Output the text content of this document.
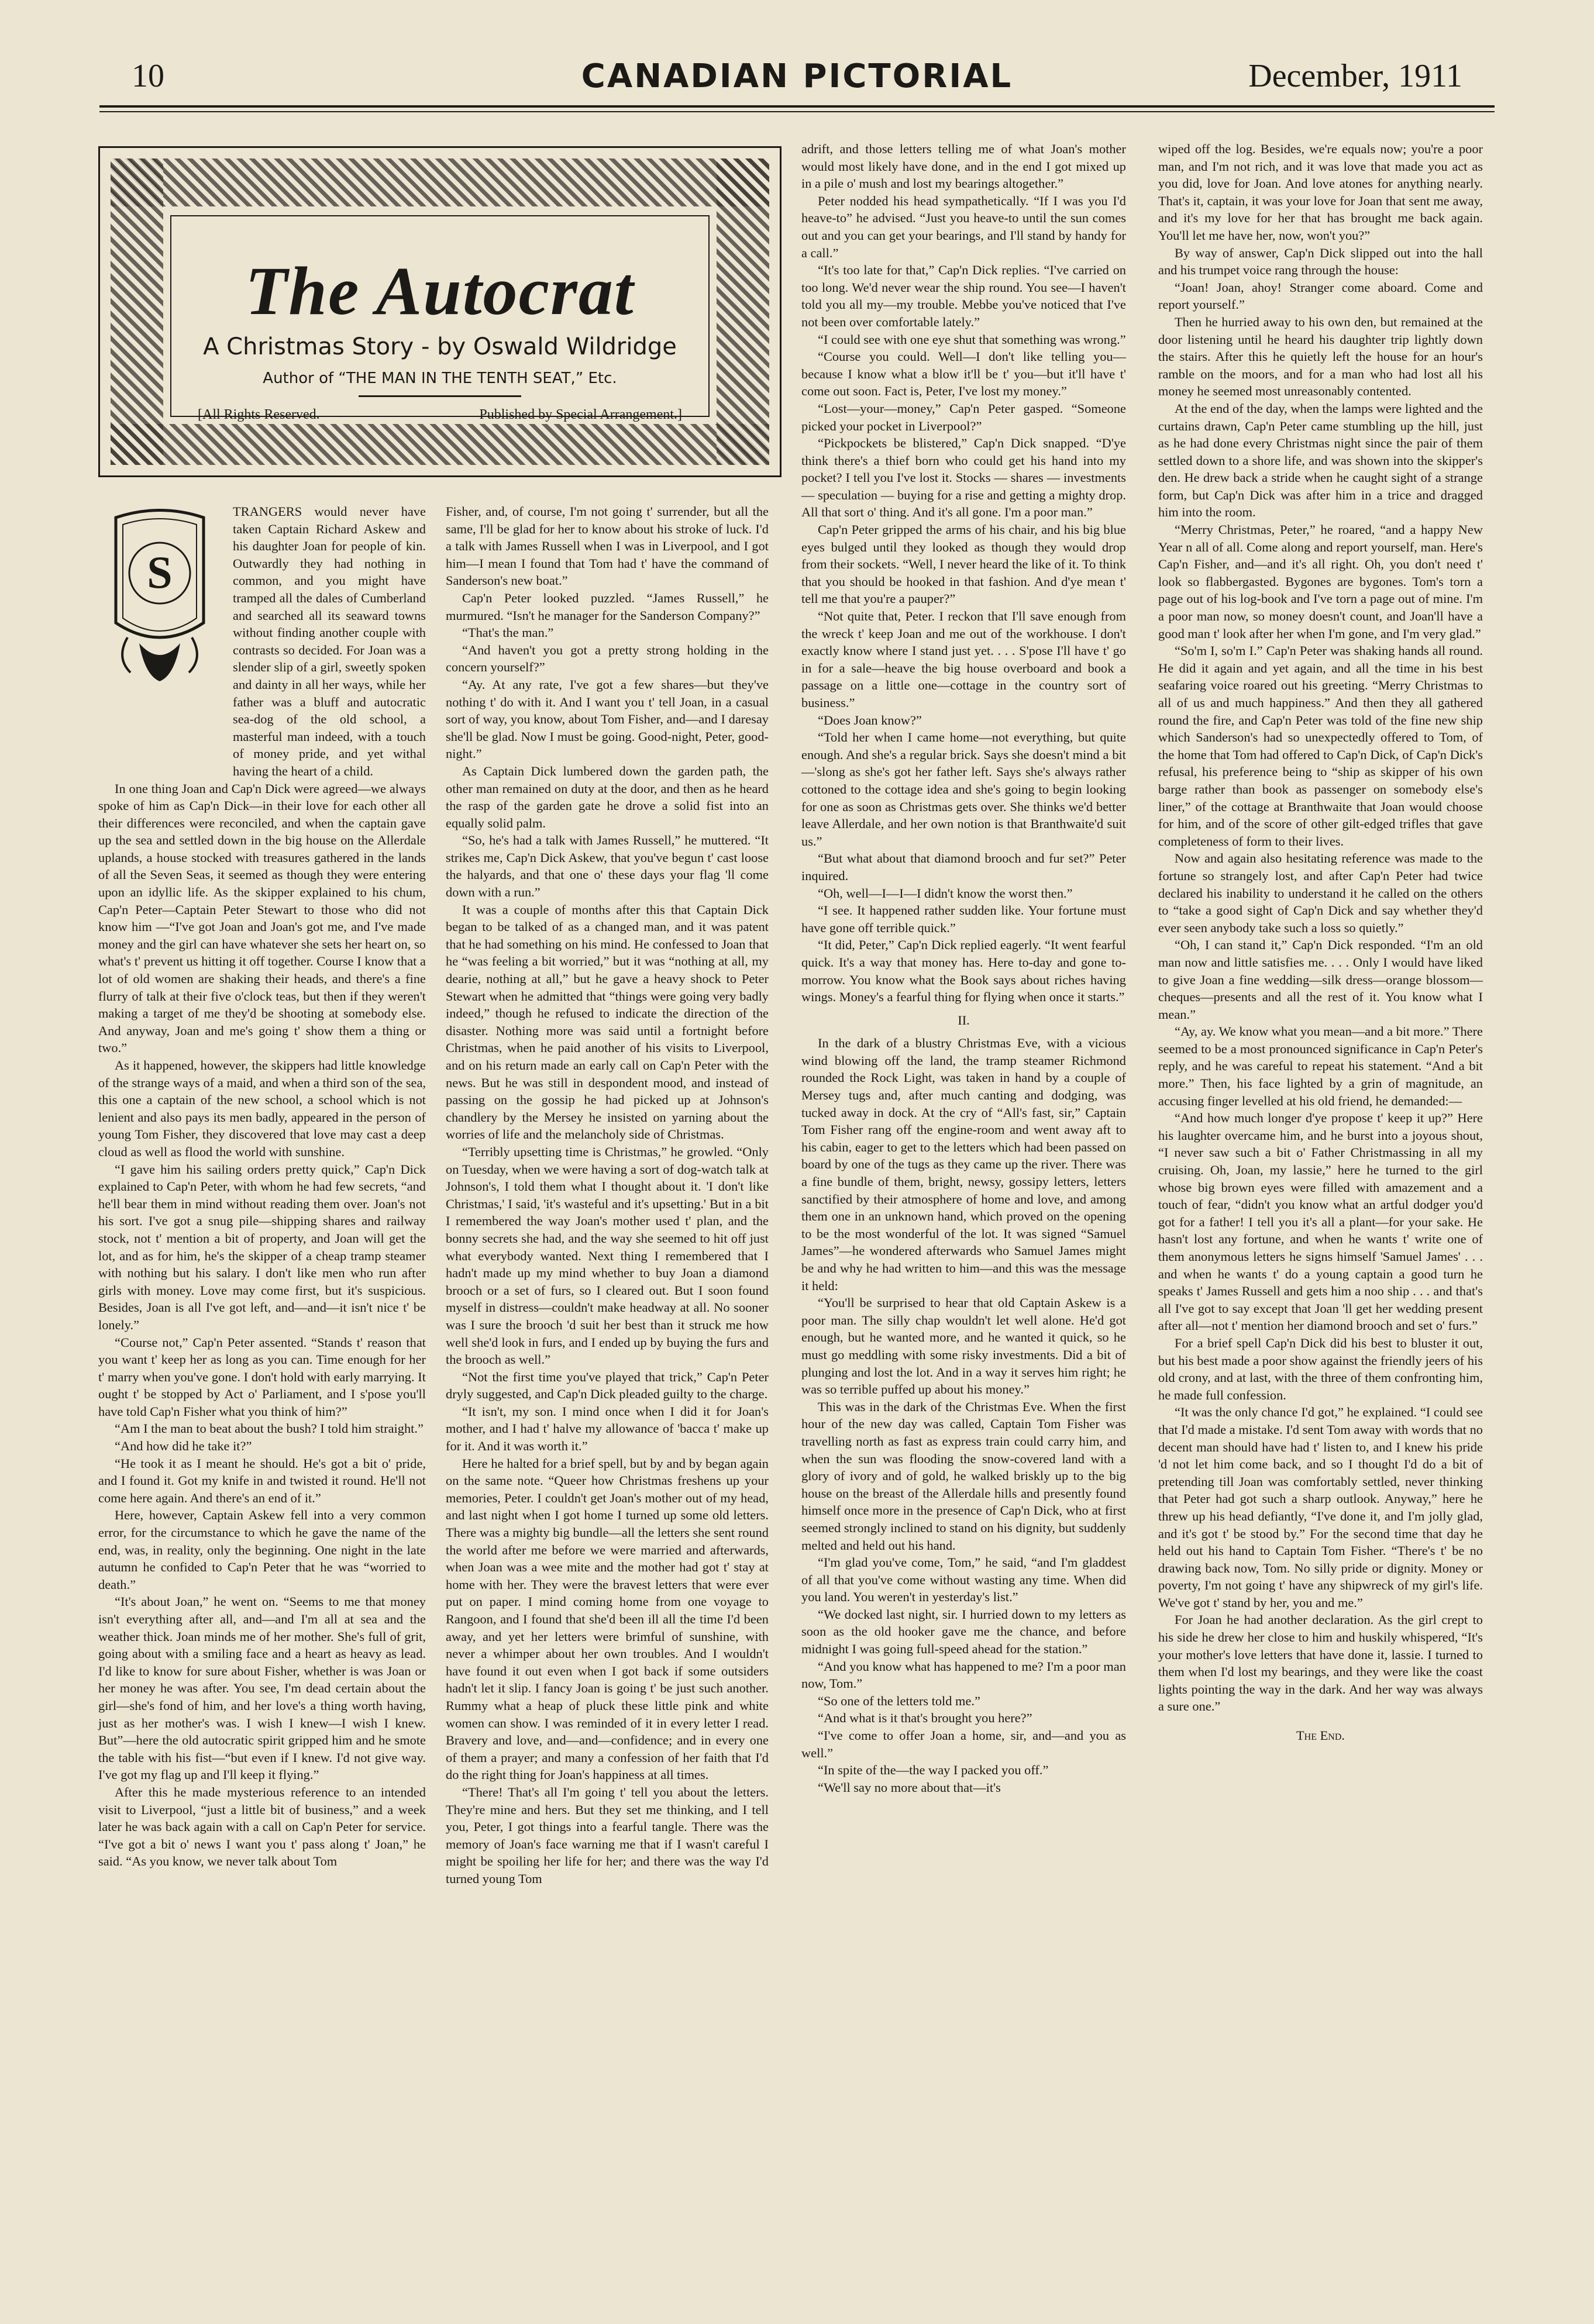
10	CANADIAN PICTORIAL	December, 1911
The Autocrat
A Christmas Story - by Oswald Wildridge
Author of “THE MAN IN THE TENTH SEAT,” Etc.
[All Rights Reserved.	Published by Special Arrangement.]
S

TRANGERS would never have taken Captain Richard Askew and his daughter Joan for people of kin. Outwardly they had nothing in common, and you might have tramped all the dales of Cumberland and searched all its seaward towns without finding another couple with contrasts so decided. For Joan was a slender slip of a girl, sweetly spoken and dainty in all her ways, while her father was a bluff and autocratic sea-dog of the old school, a masterful man indeed, with a touch of money pride, and yet withal having the heart of a child.

In one thing Joan and Cap'n Dick were agreed—we always spoke of him as Cap'n Dick—in their love for each other all their differences were reconciled, and when the captain gave up the sea and settled down in the big house on the Allerdale uplands, a house stocked with treasures gathered in the lands of all the Seven Seas, it seemed as though they were entering upon an idyllic life. As the skipper explained to his chum, Cap'n Peter—Captain Peter Stewart to those who did not know him —“I've got Joan and Joan's got me, and I've made money and the girl can have whatever she sets her heart on, so what's t' prevent us hitting it off together. Course I know that a lot of old women are shaking their heads, and there's a fine flurry of talk at their five o'clock teas, but then if they weren't making a target of me they'd be shooting at somebody else. And anyway, Joan and me's going t' show them a thing or two.”

As it happened, however, the skippers had little knowledge of the strange ways of a maid, and when a third son of the sea, this one a captain of the new school, a school which is not lenient and also pays its men badly, appeared in the person of young Tom Fisher, they discovered that love may cast a deep cloud as well as flood the world with sunshine.

“I gave him his sailing orders pretty quick,” Cap'n Dick explained to Cap'n Peter, with whom he had few secrets, “and he'll bear them in mind without reading them over. Joan's not his sort. I've got a snug pile—shipping shares and railway stock, not t' mention a bit of property, and Joan will get the lot, and as for him, he's the skipper of a cheap tramp steamer with nothing but his salary. I don't like men who run after girls with money. Love may come first, but it's suspicious. Besides, Joan is all I've got left, and—and—it isn't nice t' be lonely.”

“Course not,” Cap'n Peter assented. “Stands t' reason that you want t' keep her as long as you can. Time enough for her t' marry when you've gone. I don't hold with early marrying. It ought t' be stopped by Act o' Parliament, and I s'pose you'll have told Cap'n Fisher what you think of him?”

“Am I the man to beat about the bush? I told him straight.”

“And how did he take it?”

“He took it as I meant he should. He's got a bit o' pride, and I found it. Got my knife in and twisted it round. He'll not come here again. And there's an end of it.”

Here, however, Captain Askew fell into a very common error, for the circumstance to which he gave the name of the end, was, in reality, only the beginning. One night in the late autumn he confided to Cap'n Peter that he was “worried to death.”

“It's about Joan,” he went on. “Seems to me that money isn't everything after all, and—and I'm all at sea and the weather thick. Joan minds me of her mother. She's full of grit, going about with a smiling face and a heart as heavy as lead. I'd like to know for sure about Fisher, whether is was Joan or her money he was after. You see, I'm dead certain about the girl—she's fond of him, and her love's a thing worth having, just as her mother's was. I wish I knew—I wish I knew. But”—here the old autocratic spirit gripped him and he smote the table with his fist—“but even if I knew. I'd not give way. I've got my flag up and I'll keep it flying.”

After this he made mysterious reference to an intended visit to Liverpool, “just a little bit of business,” and a week later he was back again with a call on Cap'n Peter for service. “I've got a bit o' news I want you t' pass along t' Joan,” he said. “As you know, we never talk about Tom

Fisher, and, of course, I'm not going t' surrender, but all the same, I'll be glad for her to know about his stroke of luck. I'd a talk with James Russell when I was in Liverpool, and I got him—I mean I found that Tom had t' have the command of Sanderson's new boat.”

Cap'n Peter looked puzzled. “James Russell,” he murmured. “Isn't he manager for the Sanderson Company?”

“That's the man.”

“And haven't you got a pretty strong holding in the concern yourself?”

“Ay. At any rate, I've got a few shares—but they've nothing t' do with it. And I want you t' tell Joan, in a casual sort of way, you know, about Tom Fisher, and—and I daresay she'll be glad. Now I must be going. Good-night, Peter, good-night.”

As Captain Dick lumbered down the garden path, the other man remained on duty at the door, and then as he heard the rasp of the garden gate he drove a solid fist into an equally solid palm.

“So, he's had a talk with James Russell,” he muttered. “It strikes me, Cap'n Dick Askew, that you've begun t' cast loose the halyards, and that one o' these days your flag 'll come down with a run.”

It was a couple of months after this that Captain Dick began to be talked of as a changed man, and it was patent that he had something on his mind. He confessed to Joan that he “was feeling a bit worried,” but it was “nothing at all, my dearie, nothing at all,” but he gave a heavy shock to Peter Stewart when he admitted that “things were going very badly indeed,” though he refused to indicate the direction of the disaster. Nothing more was said until a fortnight before Christmas, when he paid another of his visits to Liverpool, and on his return made an early call on Cap'n Peter with the news. But he was still in despondent mood, and instead of passing on the gossip he had picked up at Johnson's chandlery by the Mersey he insisted on yarning about the worries of life and the melancholy side of Christmas.

“Terribly upsetting time is Christmas,” he growled. “Only on Tuesday, when we were having a sort of dog-watch talk at Johnson's, I told them what I thought about it. 'I don't like Christmas,' I said, 'it's wasteful and it's upsetting.' But in a bit I remembered the way Joan's mother used t' plan, and the bonny secrets she had, and the way she seemed to hit off just what everybody wanted. Next thing I remembered that I hadn't made up my mind whether to buy Joan a diamond brooch or a set of furs, so I cleared out. But I soon found myself in distress—couldn't make headway at all. No sooner was I sure the brooch 'd suit her best than it struck me how well she'd look in furs, and I ended up by buying the furs and the brooch as well.”

“Not the first time you've played that trick,” Cap'n Peter dryly suggested, and Cap'n Dick pleaded guilty to the charge.

“It isn't, my son. I mind once when I did it for Joan's mother, and I had t' halve my allowance of 'bacca t' make up for it. And it was worth it.”

Here he halted for a brief spell, but by and by began again on the same note. “Queer how Christmas freshens up your memories, Peter. I couldn't get Joan's mother out of my head, and last night when I got home I turned up some old letters. There was a mighty big bundle—all the letters she sent round the world after me before we were married and afterwards, when Joan was a wee mite and the mother had got t' stay at home with her. They were the bravest letters that were ever put on paper. I mind coming home from one voyage to Rangoon, and I found that she'd been ill all the time I'd been away, and yet her letters were brimful of sunshine, with never a whimper about her own troubles. And I wouldn't have found it out even when I got back if some outsiders hadn't let it slip. I fancy Joan is going t' be just such another. Rummy what a heap of pluck these little pink and white women can show. I was reminded of it in every letter I read. Bravery and love, and—and—confidence; and in every one of them a prayer; and many a confession of her faith that I'd do the right thing for Joan's happiness at all times.

“There! That's all I'm going t' tell you about the letters. They're mine and hers. But they set me thinking, and I tell you, Peter, I got things into a fearful tangle. There was the memory of Joan's face warning me that if I wasn't careful I might be spoiling her life for her; and there was the way I'd turned young Tom

adrift, and those letters telling me of what Joan's mother would most likely have done, and in the end I got mixed up in a pile o' mush and lost my bearings altogether.”

Peter nodded his head sympathetically. “If I was you I'd heave-to” he advised. “Just you heave-to until the sun comes out and you can get your bearings, and I'll stand by handy for a call.”

“It's too late for that,” Cap'n Dick replies. “I've carried on too long. We'd never wear the ship round. You see—I haven't told you all my—my trouble. Mebbe you've noticed that I've not been over comfortable lately.”

“I could see with one eye shut that something was wrong.”

“Course you could. Well—I don't like telling you—because I know what a blow it'll be t' you—but it'll have t' come out soon. Fact is, Peter, I've lost my money.”

“Lost—your—money,” Cap'n Peter gasped. “Someone picked your pocket in Liverpool?”

“Pickpockets be blistered,” Cap'n Dick snapped. “D'ye think there's a thief born who could get his hand into my pocket? I tell you I've lost it. Stocks — shares — investments — speculation — buying for a rise and getting a mighty drop. All that sort o' thing. And it's all gone. I'm a poor man.”

Cap'n Peter gripped the arms of his chair, and his big blue eyes bulged until they looked as though they would drop from their sockets. “Well, I never heard the like of it. To think that you should be hooked in that fashion. And d'ye mean t' tell me that you're a pauper?”

“Not quite that, Peter. I reckon that I'll save enough from the wreck t' keep Joan and me out of the workhouse. I don't exactly know where I stand just yet. . . . S'pose I'll have t' go in for a sale—heave the big house overboard and book a passage on a little one—cottage in the country sort of business.”

“Does Joan know?”

“Told her when I came home—not everything, but quite enough. And she's a regular brick. Says she doesn't mind a bit—'slong as she's got her father left. Says she's always rather cottoned to the cottage idea and she's going to begin looking for one as soon as Christmas gets over. She thinks we'd better leave Allerdale, and her own notion is that Branthwaite'd suit us.”

“But what about that diamond brooch and fur set?” Peter inquired.

“Oh, well—I—I—I didn't know the worst then.”

“I see. It happened rather sudden like. Your fortune must have gone off terrible quick.”

“It did, Peter,” Cap'n Dick replied eagerly. “It went fearful quick. It's a way that money has. Here to-day and gone to-morrow. You know what the Book says about riches having wings. Money's a fearful thing for flying when once it starts.”

II.

In the dark of a blustry Christmas Eve, with a vicious wind blowing off the land, the tramp steamer Richmond rounded the Rock Light, was taken in hand by a couple of Mersey tugs and, after much canting and dodging, was tucked away in dock. At the cry of “All's fast, sir,” Captain Tom Fisher rang off the engine-room and went away aft to his cabin, eager to get to the letters which had been passed on board by one of the tugs as they came up the river. There was a fine bundle of them, bright, newsy, gossipy letters, letters sanctified by their atmosphere of home and love, and among them one in an unknown hand, which proved on the opening to be the most wonderful of the lot. It was signed “Samuel James”—he wondered afterwards who Samuel James might be and why he had written to him—and this was the message it held:

“You'll be surprised to hear that old Captain Askew is a poor man. The silly chap wouldn't let well alone. He'd got enough, but he wanted more, and he wanted it quick, so he must go meddling with some risky investments. Did a bit of plunging and lost the lot. And in a way it serves him right; he was so terrible puffed up about his money.”

This was in the dark of the Christmas Eve. When the first hour of the new day was called, Captain Tom Fisher was travelling north as fast as express train could carry him, and when the sun was flooding the snow-covered land with a glory of ivory and of gold, he walked briskly up to the big house on the breast of the Allerdale hills and presently found himself once more in the presence of Cap'n Dick, who at first seemed strongly inclined to stand on his dignity, but suddenly melted and held out his hand.

“I'm glad you've come, Tom,” he said, “and I'm gladdest of all that you've come without wasting any time. When did you land. You weren't in yesterday's list.”

“We docked last night, sir. I hurried down to my letters as soon as the old hooker gave me the chance, and before midnight I was going full-speed ahead for the station.”

“And you know what has happened to me? I'm a poor man now, Tom.”

“So one of the letters told me.”

“And what is it that's brought you here?”

“I've come to offer Joan a home, sir, and—and you as well.”

“In spite of the—the way I packed you off.”

“We'll say no more about that—it's

wiped off the log. Besides, we're equals now; you're a poor man, and I'm not rich, and it was love that made you act as you did, love for Joan. And love atones for anything nearly. That's it, captain, it was your love for Joan that sent me away, and it's my love for her that has brought me back again. You'll let me have her, now, won't you?”

By way of answer, Cap'n Dick slipped out into the hall and his trumpet voice rang through the house:

“Joan! Joan, ahoy! Stranger come aboard. Come and report yourself.”

Then he hurried away to his own den, but remained at the door listening until he heard his daughter trip lightly down the stairs. After this he quietly left the house for an hour's ramble on the moors, and for a man who had lost all his money he seemed most unreasonably contented.

At the end of the day, when the lamps were lighted and the curtains drawn, Cap'n Peter came stumbling up the hill, just as he had done every Christmas night since the pair of them settled down to a shore life, and was shown into the skipper's den. He drew back a stride when he caught sight of a strange form, but Cap'n Dick was after him in a trice and dragged him into the room.

“Merry Christmas, Peter,” he roared, “and a happy New Year n all of all. Come along and report yourself, man. Here's Cap'n Fisher, and—and it's all right. Oh, you don't need t' look so flabbergasted. Bygones are bygones. Tom's torn a page out of his log-book and I've torn a page out of mine. I'm a poor man now, so money doesn't count, and Joan'll have a good man t' look after her when I'm gone, and I'm very glad.”

“So'm I, so'm I.” Cap'n Peter was shaking hands all round. He did it again and yet again, and all the time in his best seafaring voice roared out his greeting. “Merry Christmas to all of us and much happiness.” And then they all gathered round the fire, and Cap'n Peter was told of the fine new ship which Sanderson's had so unexpectedly offered to Tom, of the home that Tom had offered to Cap'n Dick, of Cap'n Dick's refusal, his preference being to “ship as skipper of his own barge rather than book as passenger on somebody else's liner,” of the cottage at Branthwaite that Joan would choose for him, and of the score of other gilt-edged trifles that gave completeness of form to their lives.

Now and again also hesitating reference was made to the fortune so strangely lost, and after Cap'n Peter had twice declared his inability to understand it he called on the others to “take a good sight of Cap'n Dick and say whether they'd ever seen anybody take such a loss so quietly.”

“Oh, I can stand it,” Cap'n Dick responded. “I'm an old man now and little satisfies me. . . . Only I would have liked to give Joan a fine wedding—silk dress—orange blossom—cheques—presents and all the rest of it. You know what I mean.”

“Ay, ay. We know what you mean—and a bit more.” There seemed to be a most pronounced significance in Cap'n Peter's reply, and he was careful to repeat his statement. “And a bit more.” Then, his face lighted by a grin of magnitude, an accusing finger levelled at his old friend, he demanded:—

“And how much longer d'ye propose t' keep it up?” Here his laughter overcame him, and he burst into a joyous shout, “I never saw such a bit o' Father Christmassing in all my cruising. Oh, Joan, my lassie,” here he turned to the girl whose big brown eyes were filled with amazement and a touch of fear, “didn't you know what an artful dodger you'd got for a father! I tell you it's all a plant—for your sake. He hasn't lost any fortune, and when he wants t' write one of them anonymous letters he signs himself 'Samuel James' . . . and when he wants t' do a young captain a good turn he speaks t' James Russell and gets him a noo ship . . . and that's all I've got to say except that Joan 'll get her wedding present after all—not t' mention her diamond brooch and set o' furs.”

For a brief spell Cap'n Dick did his best to bluster it out, but his best made a poor show against the friendly jeers of his old crony, and at last, with the three of them confronting him, he made full confession.

“It was the only chance I'd got,” he explained. “I could see that I'd made a mistake. I'd sent Tom away with words that no decent man should have had t' listen to, and I knew his pride 'd not let him come back, and so I thought I'd do a bit of pretending till Joan was comfortably settled, never thinking that Peter had got such a sharp outlook. Anyway,” here he threw up his head defiantly, “I've done it, and I'm jolly glad, and it's got t' be stood by.” For the second time that day he held out his hand to Captain Tom Fisher. “There's t' be no drawing back now, Tom. No silly pride or dignity. Money or poverty, I'm not going t' have any shipwreck of my girl's life. We've got t' stand by her, you and me.”

For Joan he had another declaration. As the girl crept to his side he drew her close to him and huskily whispered, “It's your mother's love letters that have done it, lassie. I turned to them when I'd lost my bearings, and they were like the coast lights pointing the way in the dark. And her way was always a sure one.”

The End.
